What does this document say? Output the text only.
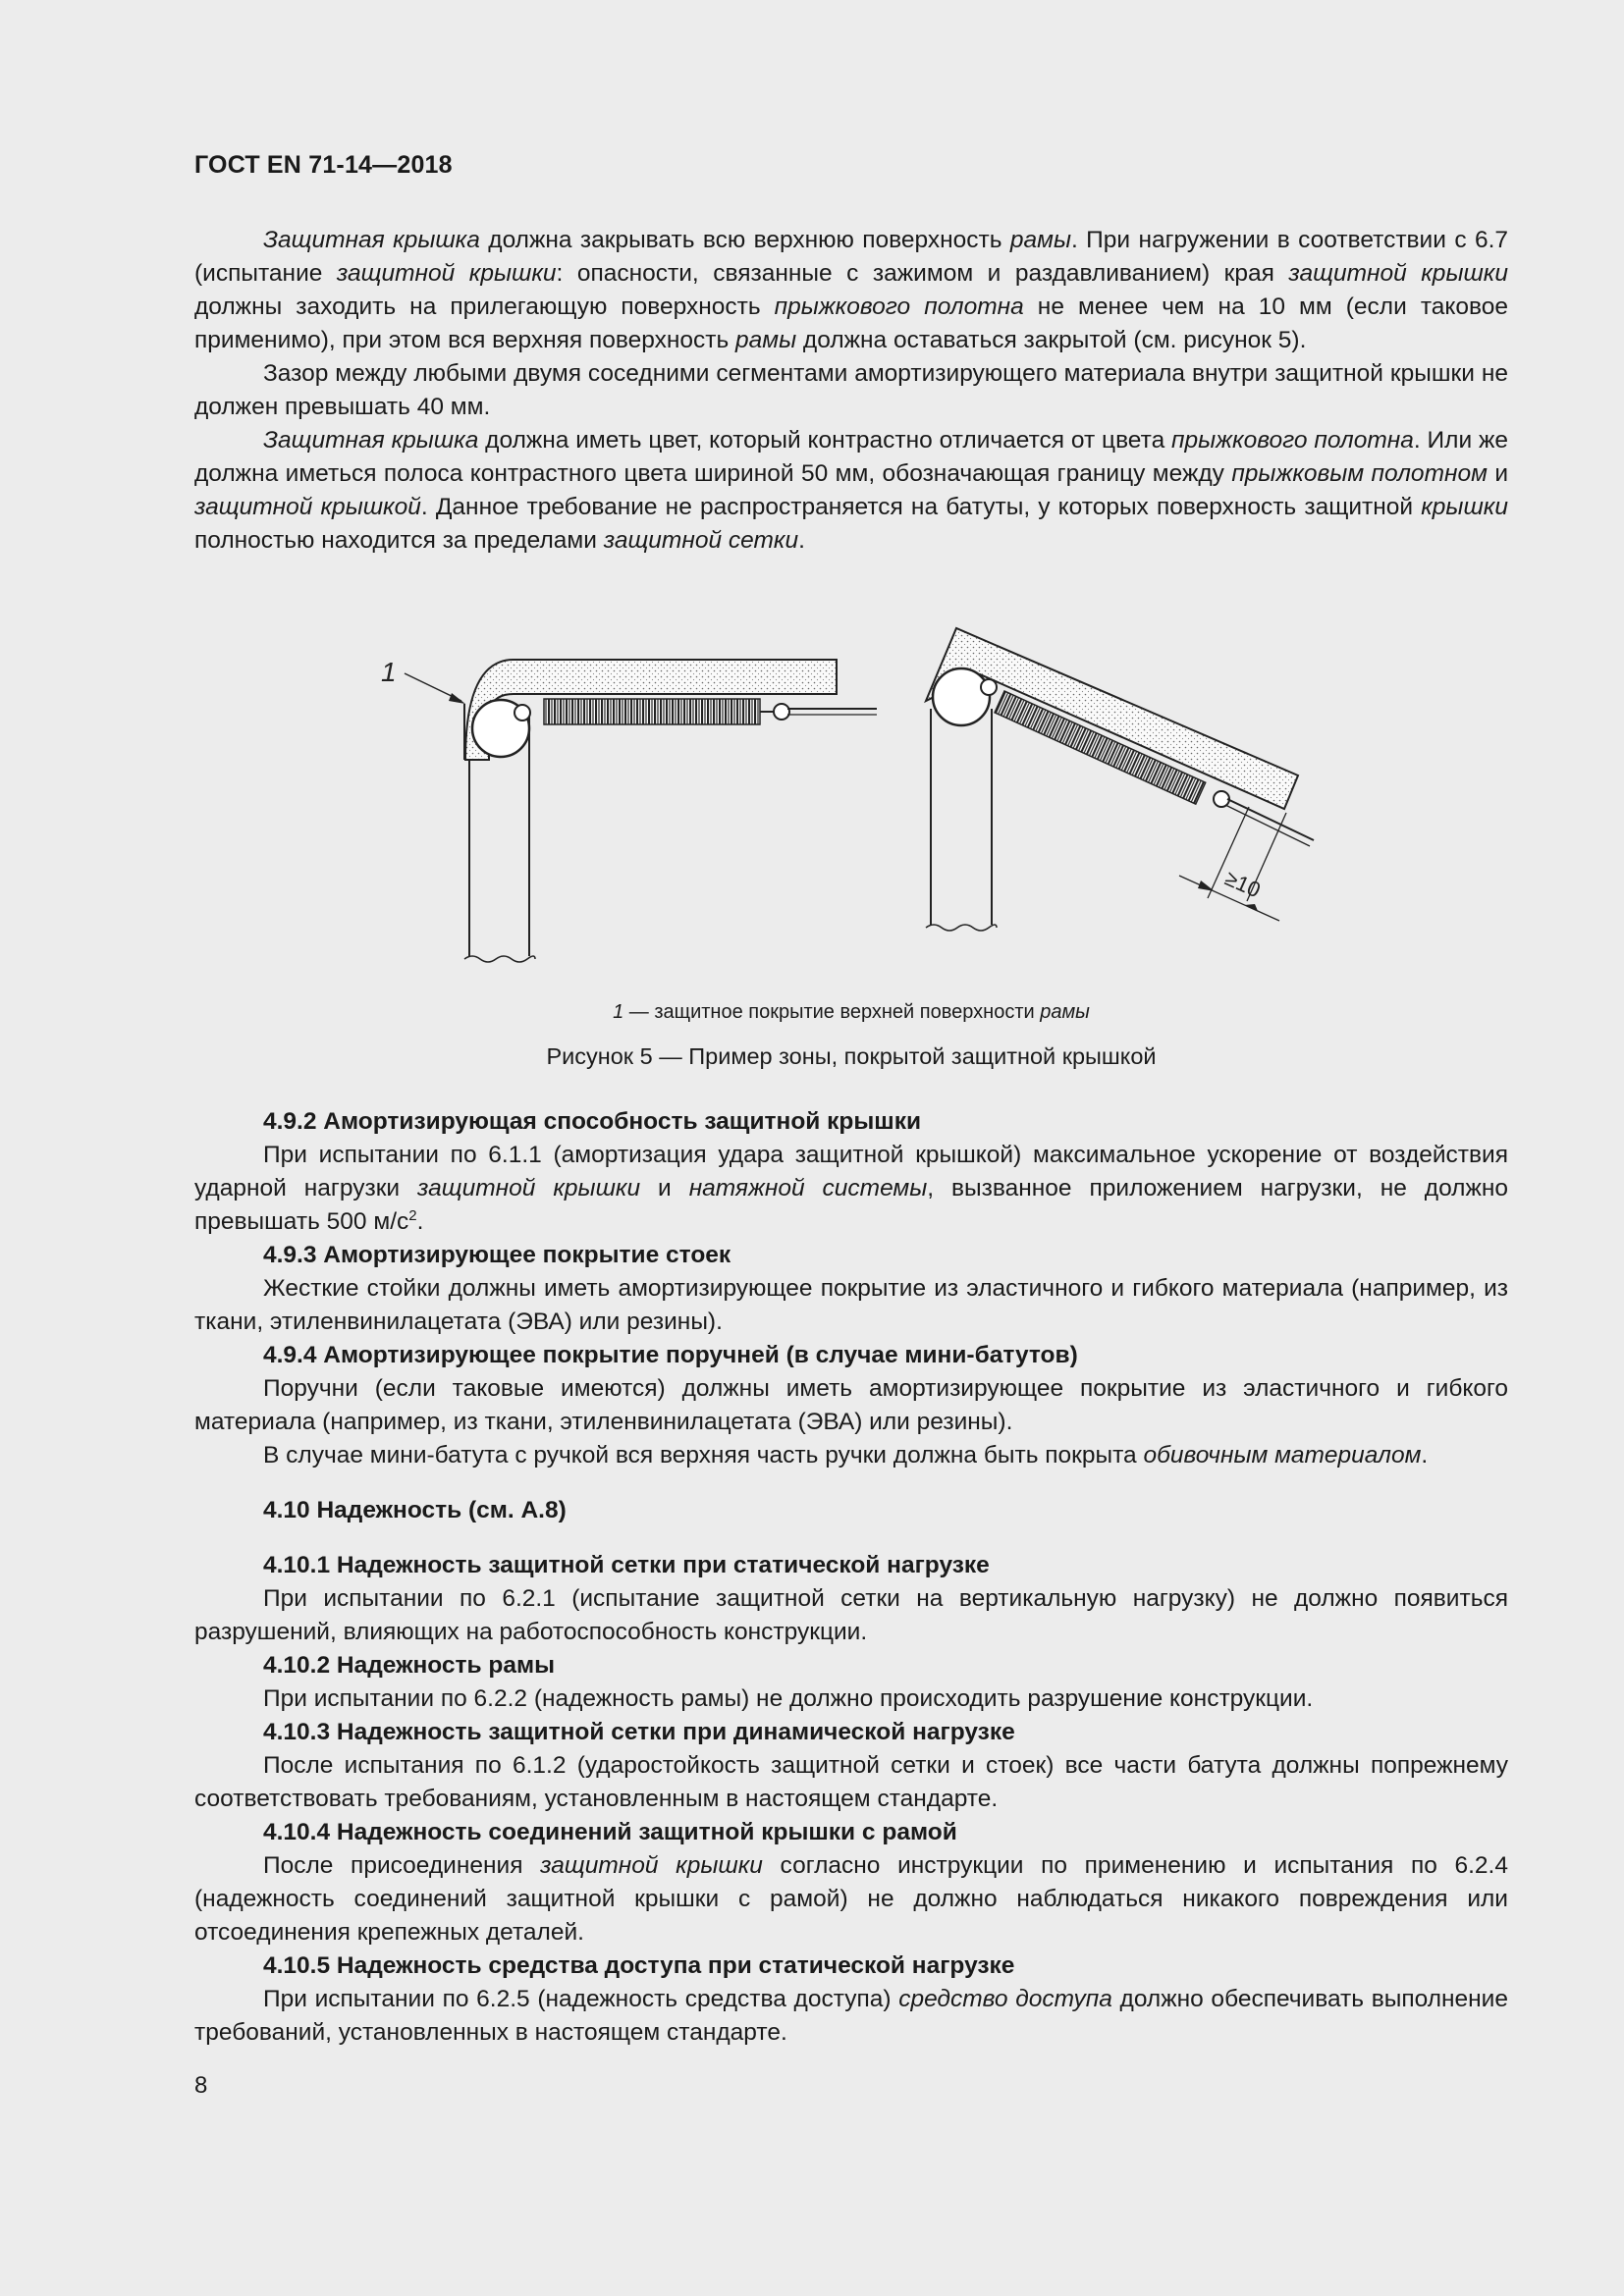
ГОСТ EN 71-14—2018

Защитная крышка должна закрывать всю верхнюю поверхность рамы. При нагружении в соответствии с 6.7 (испытание защитной крышки: опасности, связанные с зажимом и раздавливанием) края защитной крышки должны заходить на прилегающую поверхность прыжкового полотна не менее чем на 10 мм (если таковое применимо), при этом вся верхняя поверхность рамы должна оставаться закрытой (см. рисунок 5).

Зазор между любыми двумя соседними сегментами амортизирующего материала внутри защитной крышки не должен превышать 40 мм.

Защитная крышка должна иметь цвет, который контрастно отличается от цвета прыжкового полотна. Или же должна иметься полоса контрастного цвета шириной 50 мм, обозначающая границу между прыжковым полотном и защитной крышкой. Данное требование не распространяется на батуты, у которых поверхность защитной крышки полностью находится за пределами защитной сетки.

1
≥10
1 — защитное покрытие верхней поверхности рамы
Рисунок 5 — Пример зоны, покрытой защитной крышкой
4.9.2 Амортизирующая способность защитной крышки

При испытании по 6.1.1 (амортизация удара защитной крышкой) максимальное ускорение от воздействия ударной нагрузки защитной крышки и натяжной системы, вызванное приложением нагрузки, не должно превышать 500 $м/с^2$.

4.9.3 Амортизирующее покрытие стоек

Жесткие стойки должны иметь амортизирующее покрытие из эластичного и гибкого материала (например, из ткани, этиленвинилацетата (ЭВА) или резины).

4.9.4 Амортизирующее покрытие поручней (в случае мини-батутов)

Поручни (если таковые имеются) должны иметь амортизирующее покрытие из эластичного и гибкого материала (например, из ткани, этиленвинилацетата (ЭВА) или резины).

В случае мини-батута с ручкой вся верхняя часть ручки должна быть покрыта обивочным материалом.

4.10 Надежность (см. А.8)
4.10.1 Надежность защитной сетки при статической нагрузке

При испытании по 6.2.1 (испытание защитной сетки на вертикальную нагрузку) не должно появиться разрушений, влияющих на работоспособность конструкции.

4.10.2 Надежность рамы

При испытании по 6.2.2 (надежность рамы) не должно происходить разрушение конструкции.

4.10.3 Надежность защитной сетки при динамической нагрузке

После испытания по 6.1.2 (ударостойкость защитной сетки и стоек) все части батута должны попрежнему соответствовать требованиям, установленным в настоящем стандарте.

4.10.4 Надежность соединений защитной крышки с рамой

После присоединения защитной крышки согласно инструкции по применению и испытания по 6.2.4 (надежность соединений защитной крышки с рамой) не должно наблюдаться никакого повреждения или отсоединения крепежных деталей.

4.10.5 Надежность средства доступа при статической нагрузке

При испытании по 6.2.5 (надежность средства доступа) средство доступа должно обеспечивать выполнение требований, установленных в настоящем стандарте.

8
